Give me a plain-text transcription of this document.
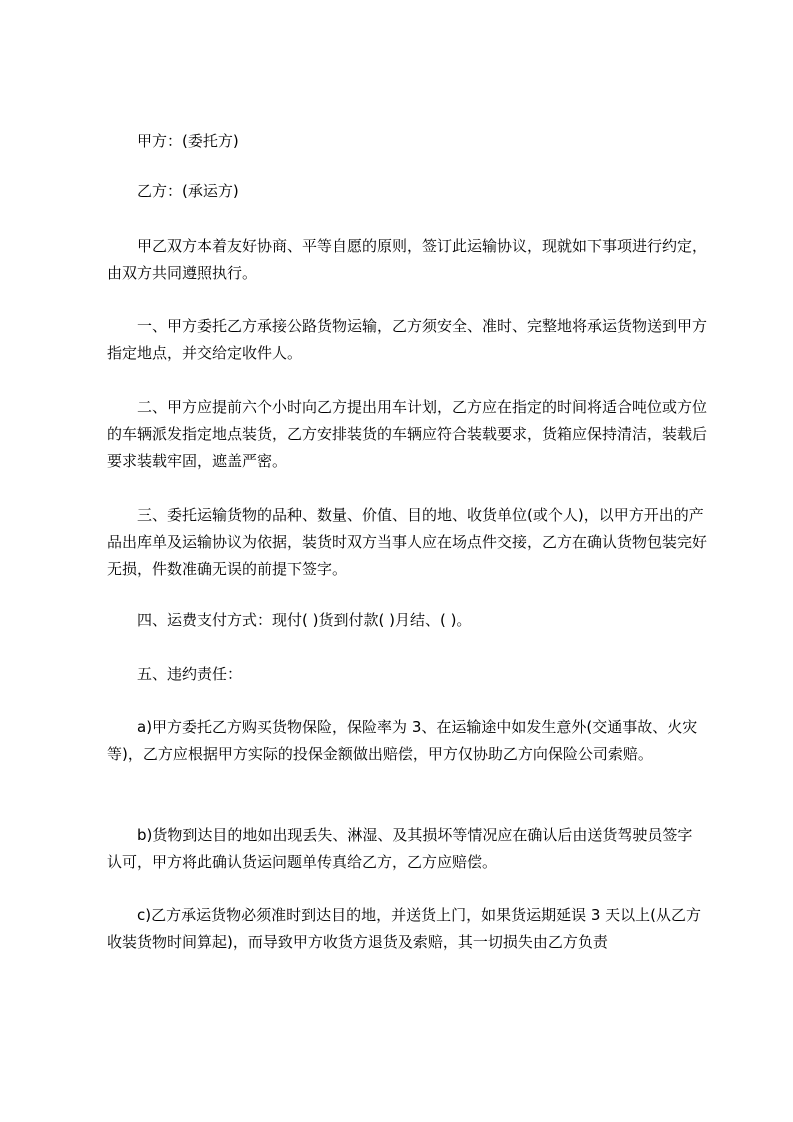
甲方：(委托方)

乙方：(承运方)

甲乙双方本着友好协商、平等自愿的原则，签订此运输协议，现就如下事项进行约定，由双方共同遵照执行。

一、甲方委托乙方承接公路货物运输，乙方须安全、准时、完整地将承运货物送到甲方指定地点，并交给定收件人。

二、甲方应提前六个小时向乙方提出用车计划，乙方应在指定的时间将适合吨位或方位的车辆派发指定地点装货，乙方安排装货的车辆应符合装载要求，货箱应保持清洁，装载后要求装载牢固，遮盖严密。

三、委托运输货物的品种、数量、价值、目的地、收货单位(或个人)，以甲方开出的产品出库单及运输协议为依据，装货时双方当事人应在场点件交接，乙方在确认货物包装完好无损，件数准确无误的前提下签字。

四、运费支付方式：现付( )货到付款( )月结、( )。

五、违约责任：

a)甲方委托乙方购买货物保险，保险率为 3、在运输途中如发生意外(交通事故、火灾等)，乙方应根据甲方实际的投保金额做出赔偿，甲方仅协助乙方向保险公司索赔。

b)货物到达目的地如出现丢失、淋湿、及其损坏等情况应在确认后由送货驾驶员签字认可，甲方将此确认货运问题单传真给乙方，乙方应赔偿。

c)乙方承运货物必须准时到达目的地，并送货上门，如果货运期延误 3 天以上(从乙方收装货物时间算起)，而导致甲方收货方退货及索赔，其一切损失由乙方负责
